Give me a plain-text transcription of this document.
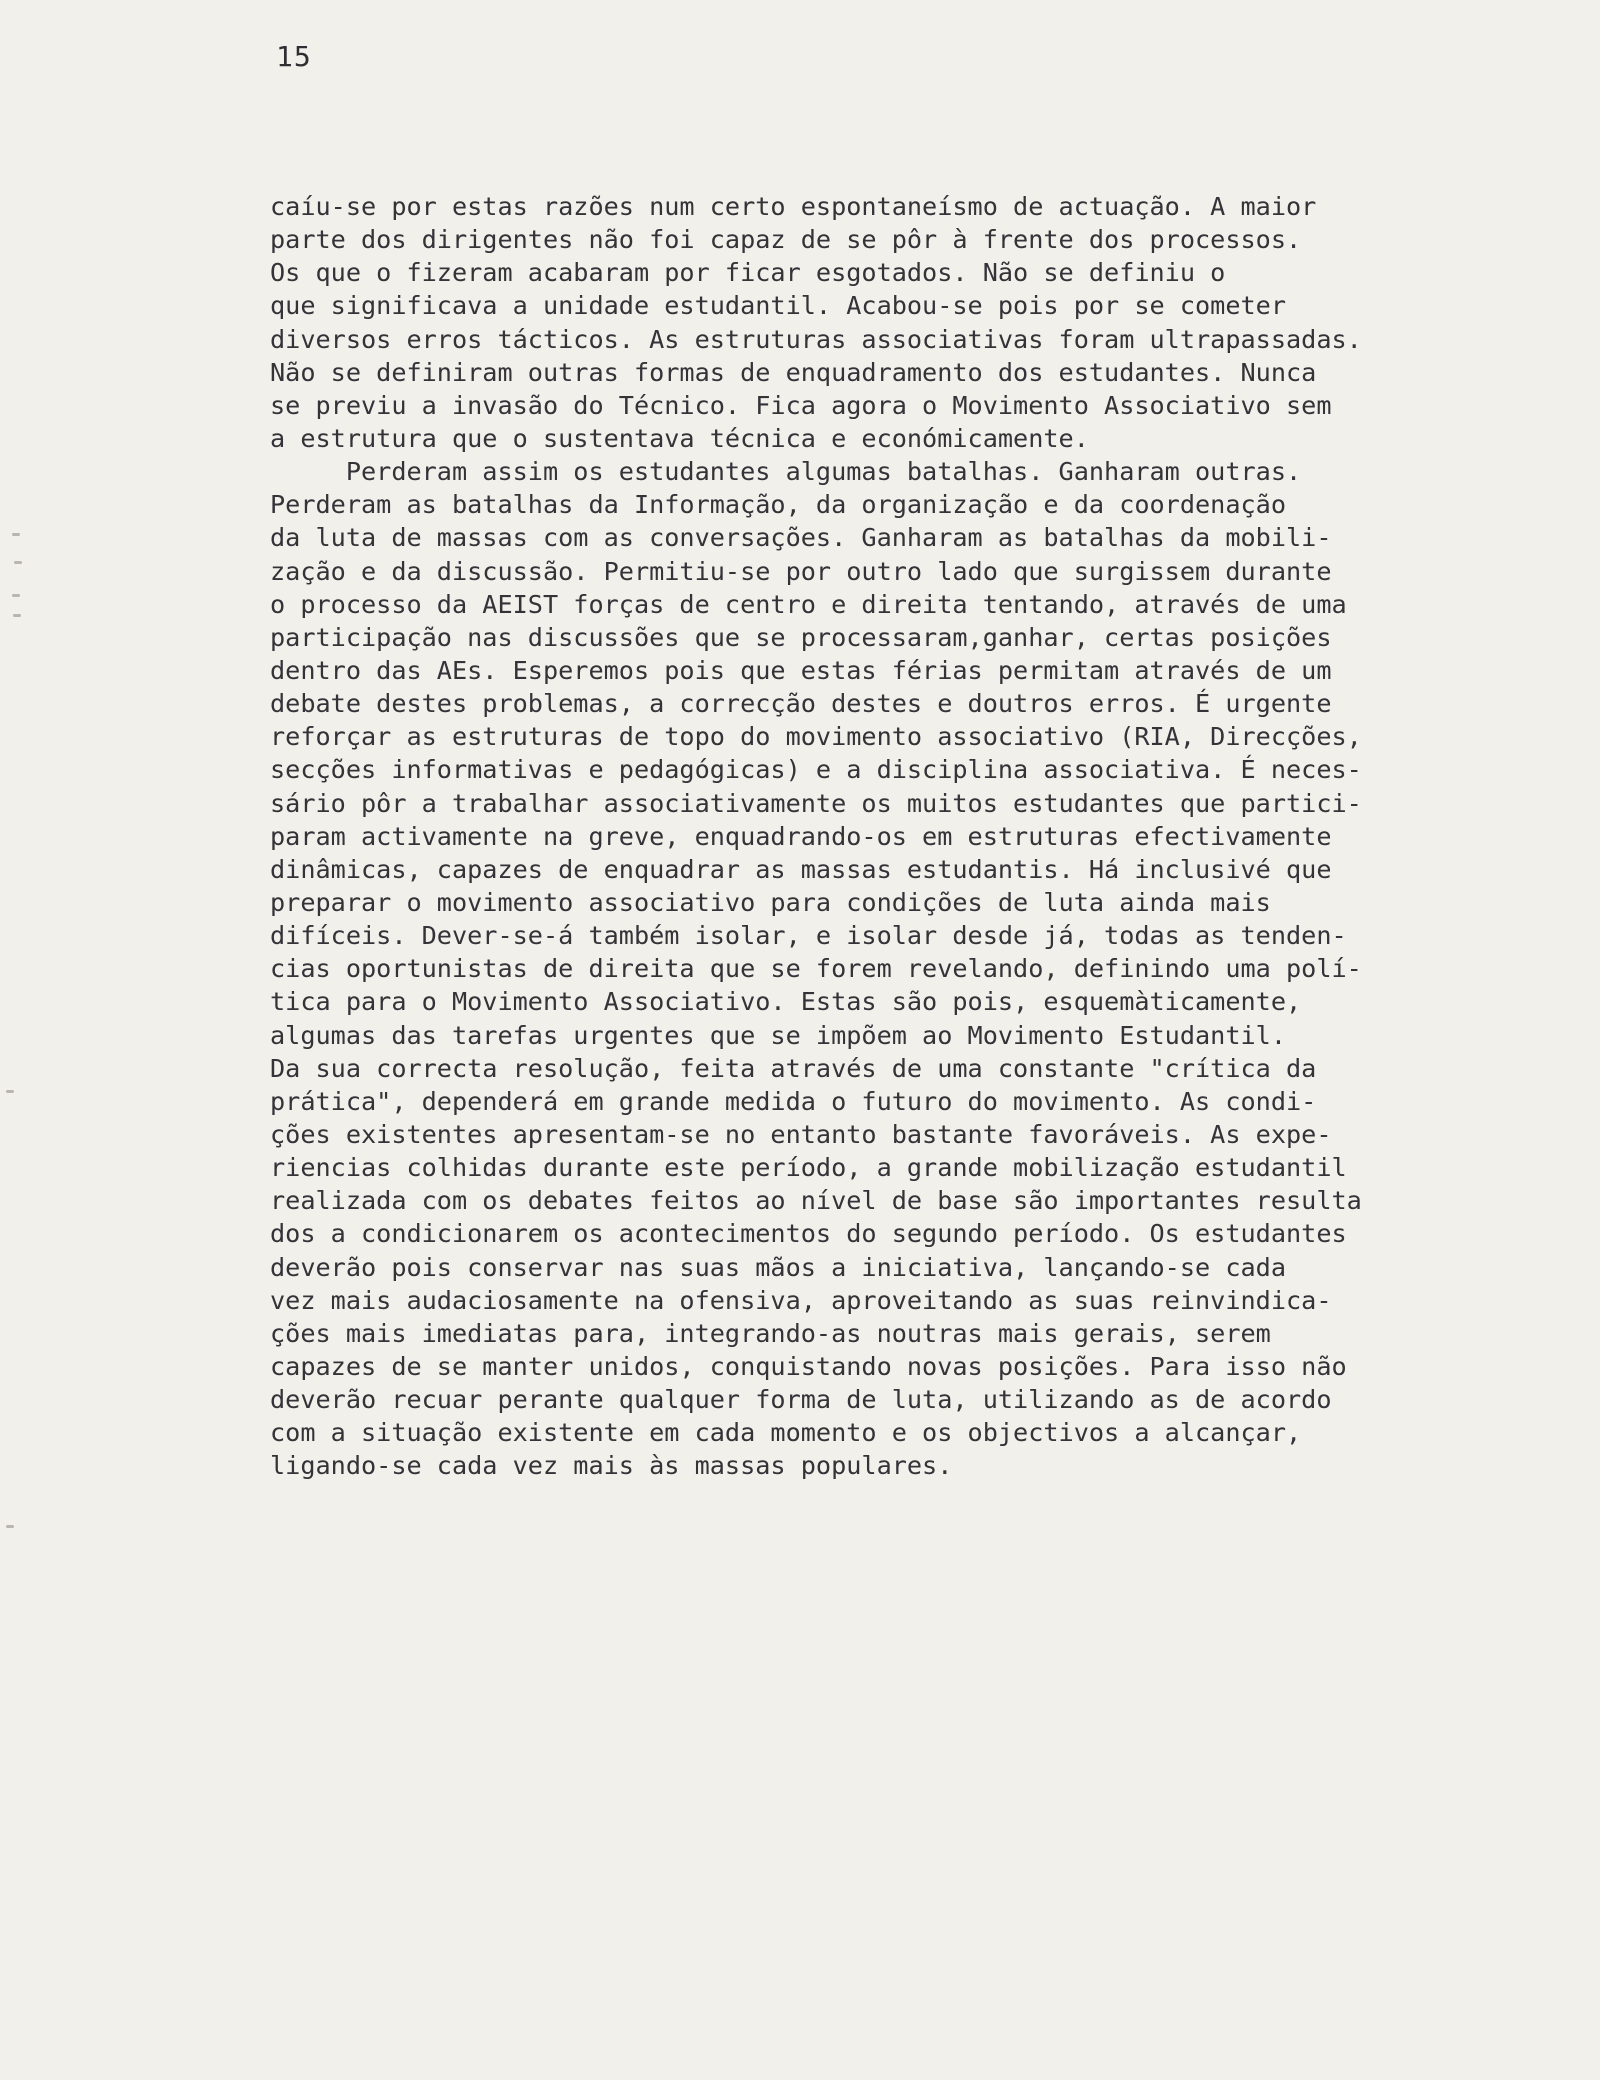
15
caíu-se por estas razões num certo espontaneísmo de actuação. A maior
parte dos dirigentes não foi capaz de se pôr à frente dos processos.
Os que o fizeram acabaram por ficar esgotados. Não se definiu o
que significava a unidade estudantil. Acabou-se pois por se cometer
diversos erros tácticos. As estruturas associativas foram ultrapassadas.
Não se definiram outras formas de enquadramento dos estudantes. Nunca
se previu a invasão do Técnico. Fica agora o Movimento Associativo sem
a estrutura que o sustentava técnica e económicamente.
Perderam assim os estudantes algumas batalhas. Ganharam outras.
Perderam as batalhas da Informação, da organização e da coordenação
da luta de massas com as conversações. Ganharam as batalhas da mobili-
zação e da discussão. Permitiu-se por outro lado que surgissem durante
o processo da AEIST forças de centro e direita tentando, através de uma
participação nas discussões que se processaram,ganhar, certas posições
dentro das AEs. Esperemos pois que estas férias permitam através de um
debate destes problemas, a correcção destes e doutros erros. É urgente
reforçar as estruturas de topo do movimento associativo (RIA, Direcções,
secções informativas e pedagógicas) e a disciplina associativa. É neces-
sário pôr a trabalhar associativamente os muitos estudantes que partici-
param activamente na greve, enquadrando-os em estruturas efectivamente
dinâmicas, capazes de enquadrar as massas estudantis. Há inclusivé que
preparar o movimento associativo para condições de luta ainda mais
difíceis. Dever-se-á também isolar, e isolar desde já, todas as tenden-
cias oportunistas de direita que se forem revelando, definindo uma polí-
tica para o Movimento Associativo. Estas são pois, esquemàticamente,
algumas das tarefas urgentes que se impõem ao Movimento Estudantil.
Da sua correcta resolução, feita através de uma constante "crítica da
prática", dependerá em grande medida o futuro do movimento. As condi-
ções existentes apresentam-se no entanto bastante favoráveis. As expe-
riencias colhidas durante este período, a grande mobilização estudantil
realizada com os debates feitos ao nível de base são importantes resulta
dos a condicionarem os acontecimentos do segundo período. Os estudantes
deverão pois conservar nas suas mãos a iniciativa, lançando-se cada
vez mais audaciosamente na ofensiva, aproveitando as suas reinvindica-
ções mais imediatas para, integrando-as noutras mais gerais, serem
capazes de se manter unidos, conquistando novas posições. Para isso não
deverão recuar perante qualquer forma de luta, utilizando as de acordo
com a situação existente em cada momento e os objectivos a alcançar,
ligando-se cada vez mais às massas populares.
